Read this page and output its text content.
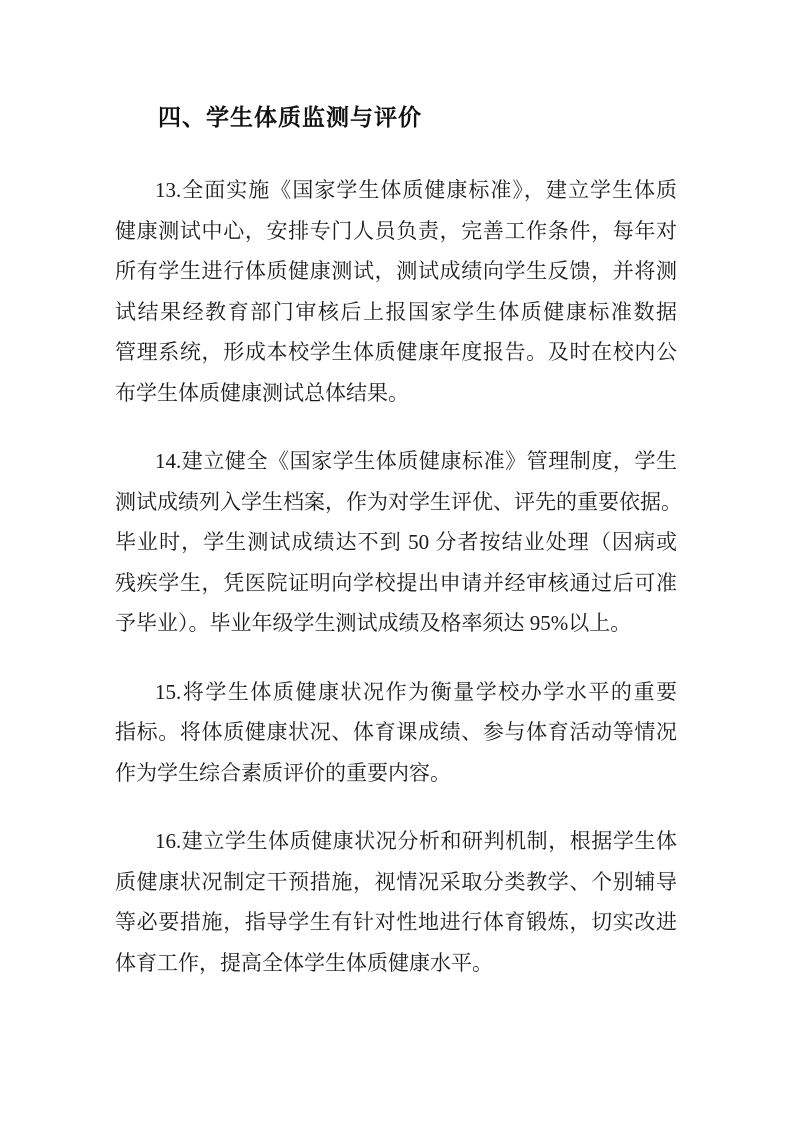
四、学生体质监测与评价
13.全面实施《国家学生体质健康标准》，建立学生体质
健康测试中心，安排专门人员负责，完善工作条件，每年对
所有学生进行体质健康测试，测试成绩向学生反馈，并将测
试结果经教育部门审核后上报国家学生体质健康标准数据
管理系统，形成本校学生体质健康年度报告。及时在校内公
布学生体质健康测试总体结果。
14.建立健全《国家学生体质健康标准》管理制度，学生
测试成绩列入学生档案，作为对学生评优、评先的重要依据。
毕业时，学生测试成绩达不到 50 分者按结业处理（因病或
残疾学生，凭医院证明向学校提出申请并经审核通过后可准
予毕业）。毕业年级学生测试成绩及格率须达 95%以上。
15.将学生体质健康状况作为衡量学校办学水平的重要
指标。将体质健康状况、体育课成绩、参与体育活动等情况
作为学生综合素质评价的重要内容。
16.建立学生体质健康状况分析和研判机制，根据学生体
质健康状况制定干预措施，视情况采取分类教学、个别辅导
等必要措施，指导学生有针对性地进行体育锻炼，切实改进
体育工作，提高全体学生体质健康水平。
